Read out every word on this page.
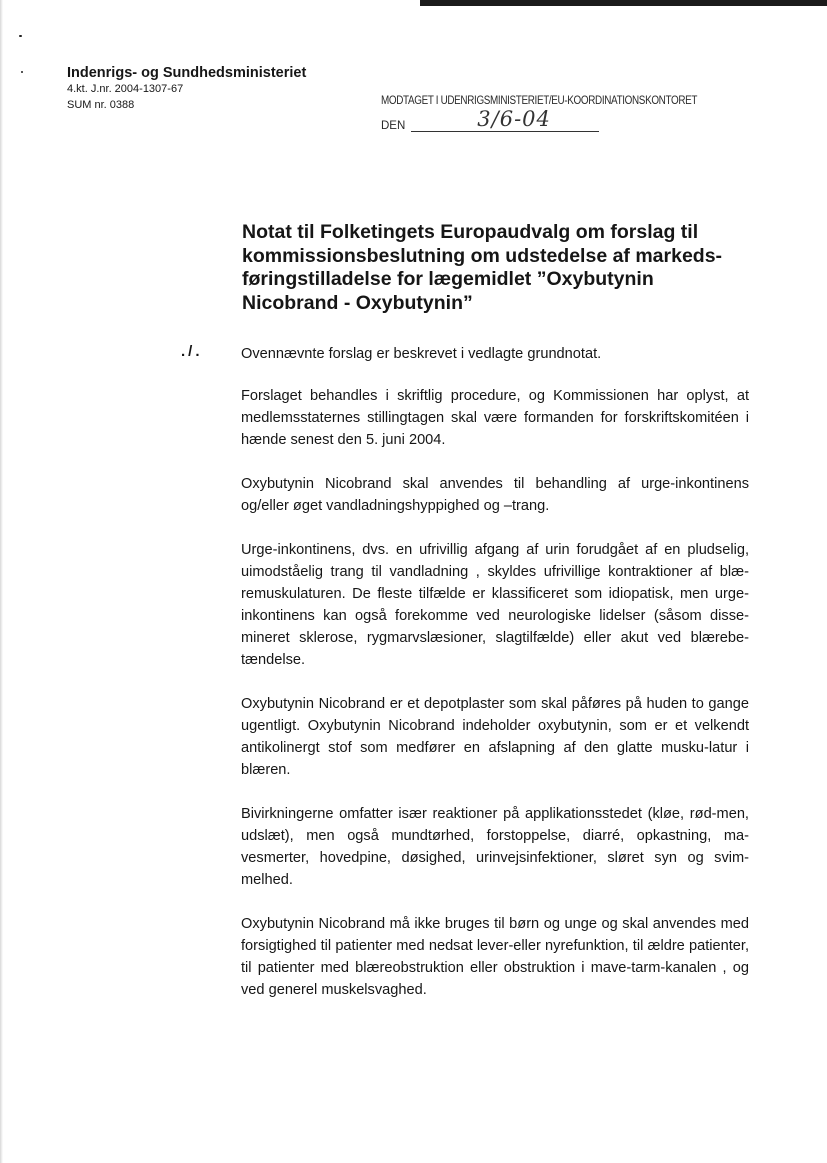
Indenrigs- og Sundhedsministeriet
4.kt. J.nr. 2004-1307-67
SUM nr. 0388	MODTAGET I UDENRIGSMINISTERIET/EU-KOORDINATIONSKONTORET
DEN	3/6-04
Notat til Folketingets Europaudvalg om forslag til kommissionsbeslutning om udstedelse af markeds-føringstilladelse for lægemidlet ”Oxybutynin Nicobrand - Oxybutynin”
./.	Ovennævnte forslag er beskrevet i vedlagte grundnotat.

Forslaget behandles i skriftlig procedure, og Kommissionen har oplyst, at medlemsstaternes stillingtagen skal være formanden for forskriftskomitéen i hænde senest den 5. juni 2004.

Oxybutynin Nicobrand skal anvendes til behandling af urge-inkontinens og/eller øget vandladningshyppighed og –trang.

Urge-inkontinens, dvs. en ufrivillig afgang af urin forudgået af en pludselig, uimodståelig trang til vandladning , skyldes ufrivillige kontraktioner af blæ-remuskulaturen. De fleste tilfælde er klassificeret som idiopatisk, men urge-inkontinens kan også forekomme ved neurologiske lidelser (såsom disse-mineret sklerose, rygmarvslæsioner, slagtilfælde) eller akut ved blærebe-tændelse.

Oxybutynin Nicobrand er et depotplaster som skal påføres på huden to gange ugentligt. Oxybutynin Nicobrand indeholder oxybutynin, som er et velkendt antikolinergt stof som medfører en afslapning af den glatte musku-latur i blæren.

Bivirkningerne omfatter især reaktioner på applikationsstedet (kløe, rød-men, udslæt), men også mundtørhed, forstoppelse, diarré, opkastning, ma-vesmerter, hovedpine, døsighed, urinvejsinfektioner, sløret syn og svim-melhed.

Oxybutynin Nicobrand må ikke bruges til børn og unge og skal anvendes med forsigtighed til patienter med nedsat lever-eller nyrefunktion, til ældre patienter, til patienter med blæreobstruktion eller obstruktion i mave-tarm-kanalen , og ved generel muskelsvaghed.
